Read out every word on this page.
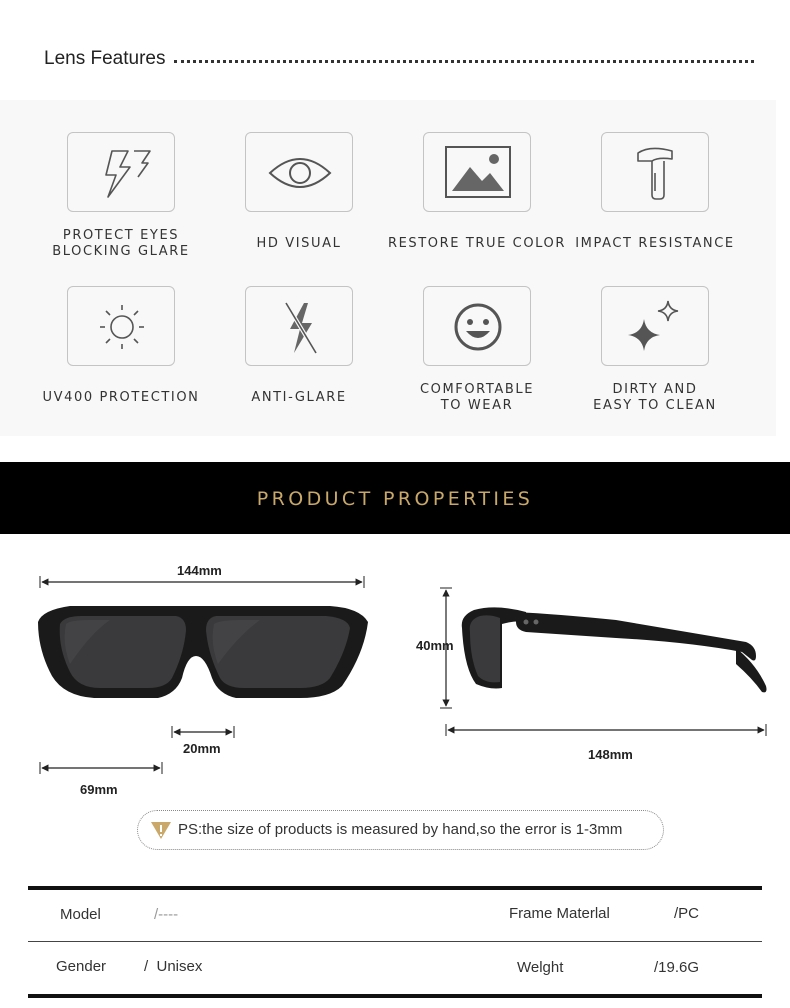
Lens Features
PROTECT EYES
BLOCKING GLARE
HD VISUAL	RESTORE TRUE COLOR IMPACT RESISTANCE
UV400 PROTECTION	ANTI-GLARE
COMFORTABLE
TO WEAR
DIRTY AND
EASY TO CLEAN
PRODUCT PROPERTIES
144mm
20mm
69mm
40mm
148mm
PS:the size of products is measured by hand,so the error is 1-3mm
Model	/----	Frame Materlal	/PC
Gender	/  Unisex	Welght	/19.6G
